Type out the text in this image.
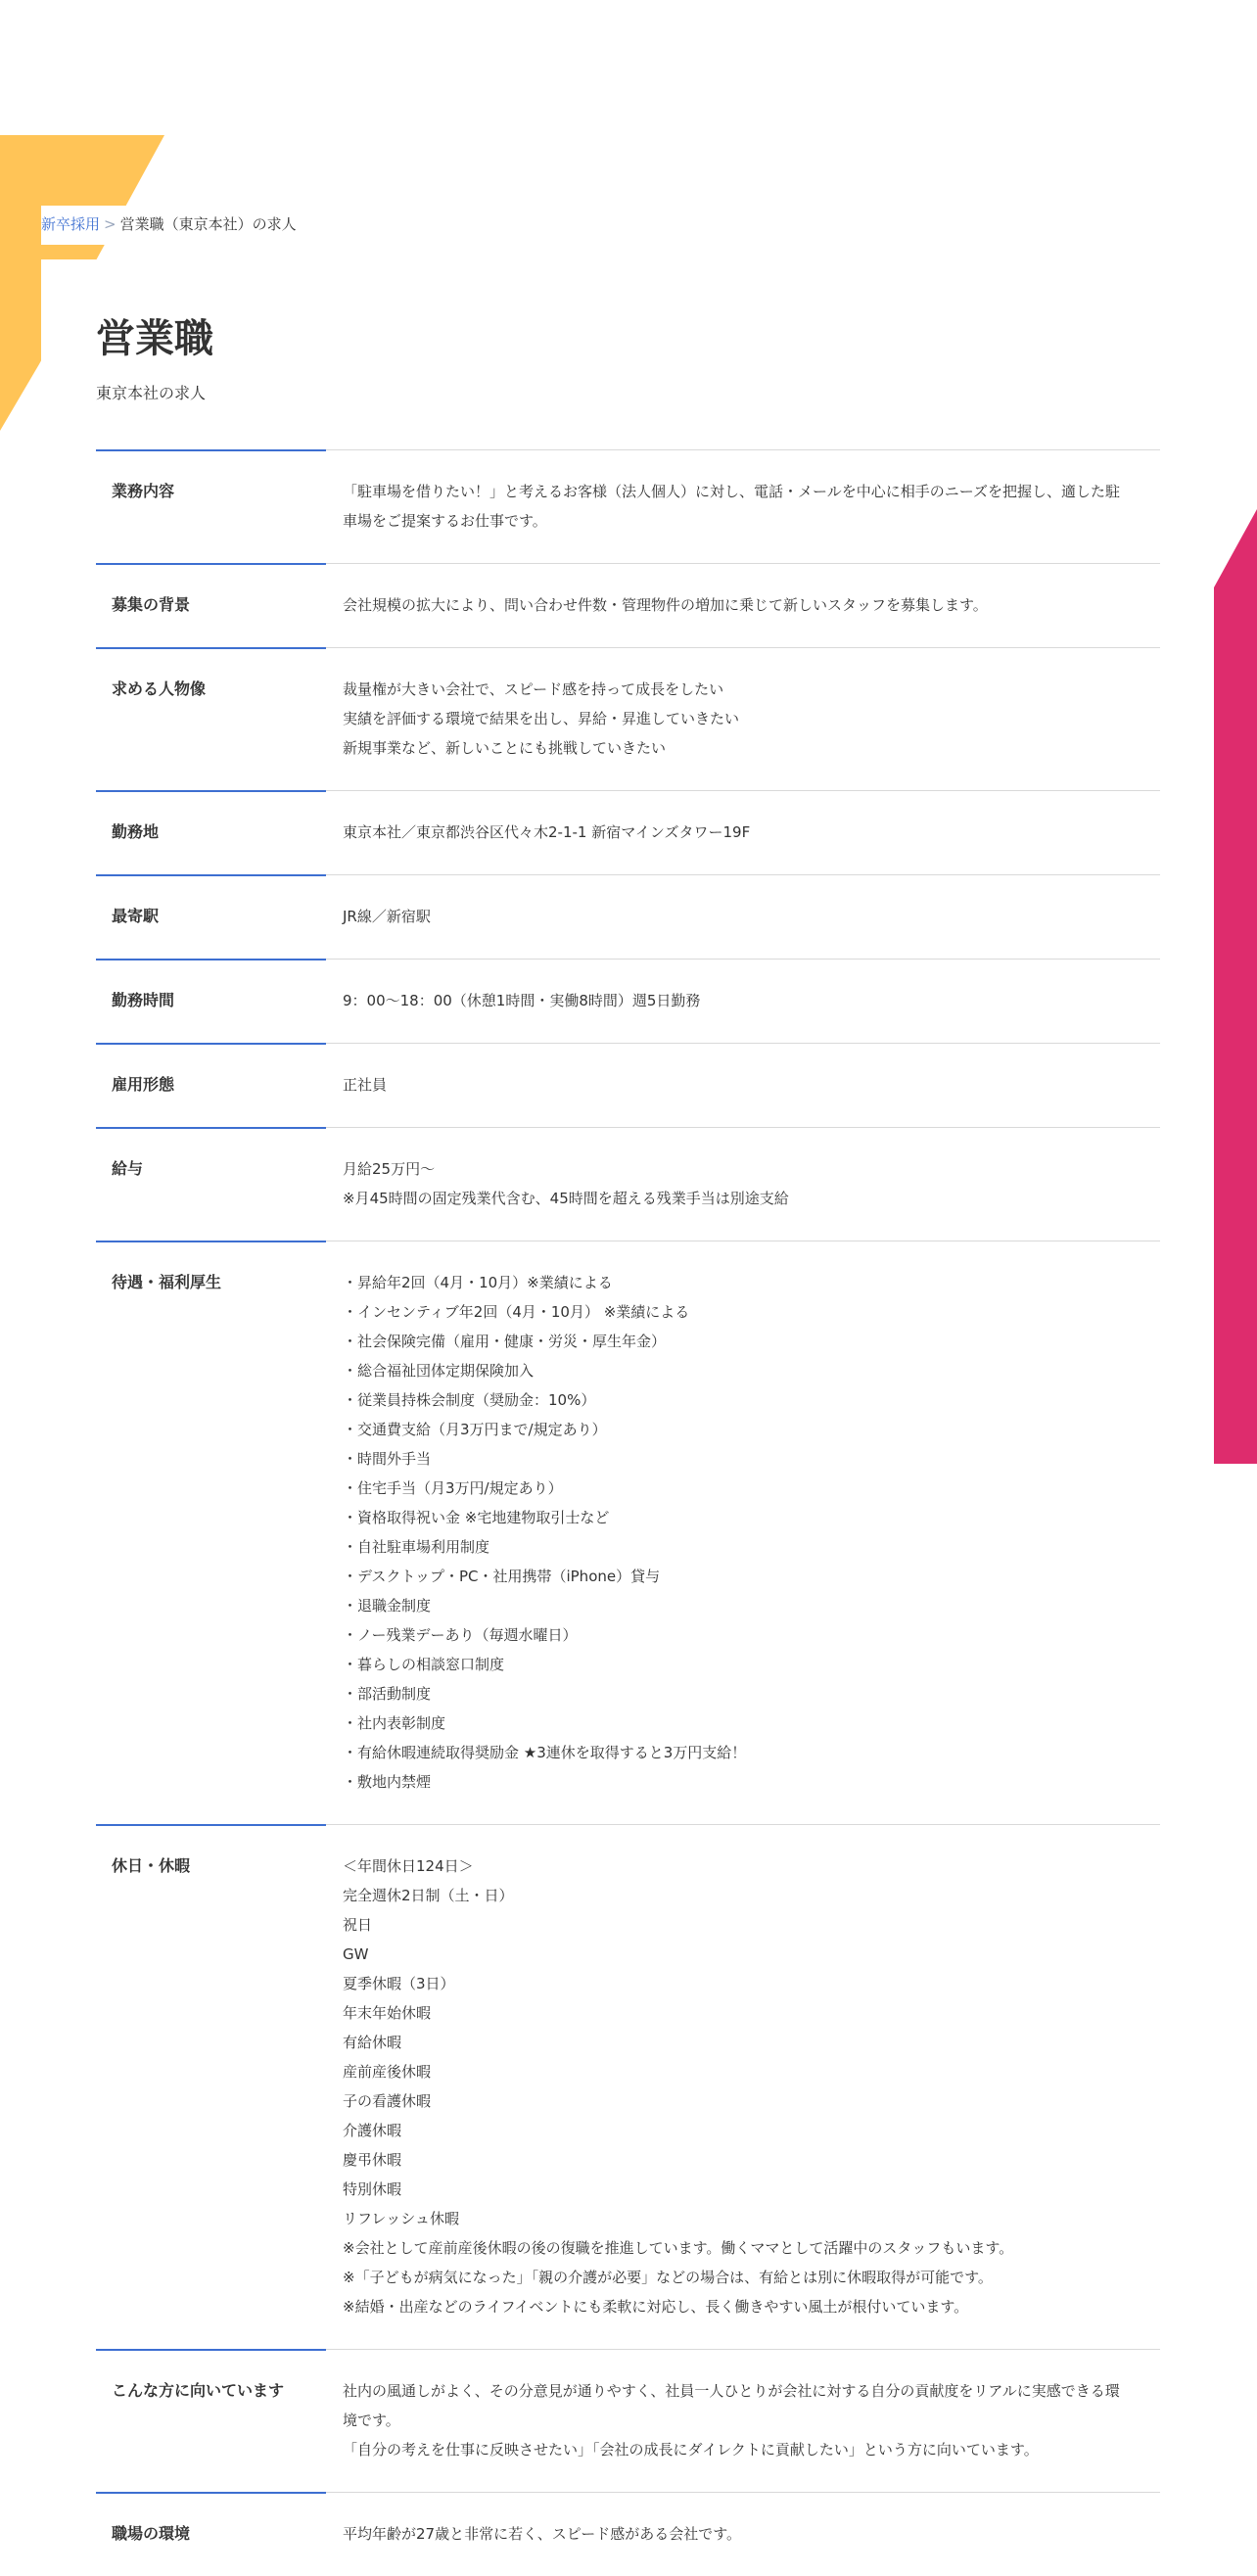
新卒採用 > 営業職（東京本社）の求人
営業職

東京本社の求人

業務内容	「駐車場を借りたい！」と考えるお客様（法人個人）に対し、電話・メールを中心に相手のニーズを把握し、適した駐車場をご提案するお仕事です。
募集の背景	会社規模の拡大により、問い合わせ件数・管理物件の増加に乗じて新しいスタッフを募集します。
求める人物像	裁量権が大きい会社で、スピード感を持って成長をしたい
実績を評価する環境で結果を出し、昇給・昇進していきたい
新規事業など、新しいことにも挑戦していきたい
勤務地	東京本社／東京都渋谷区代々木2-1-1 新宿マインズタワー19F
最寄駅	JR線／新宿駅
勤務時間	9：00〜18：00（休憩1時間・実働8時間）週5日勤務
雇用形態	正社員
給与	月給25万円〜
※月45時間の固定残業代含む、45時間を超える残業手当は別途支給
待遇・福利厚生	・昇給年2回（4月・10月）※業績による
・インセンティブ年2回（4月・10月） ※業績による
・社会保険完備（雇用・健康・労災・厚生年金）
・総合福祉団体定期保険加入
・従業員持株会制度（奨励金：10%）
・交通費支給（月3万円まで/規定あり）
・時間外手当
・住宅手当（月3万円/規定あり）
・資格取得祝い金 ※宅地建物取引士など
・自社駐車場利用制度
・デスクトップ・PC・社用携帯（iPhone）貸与
・退職金制度
・ノー残業デーあり（毎週水曜日）
・暮らしの相談窓口制度
・部活動制度
・社内表彰制度
・有給休暇連続取得奨励金 ★3連休を取得すると3万円支給！
・敷地内禁煙
休日・休暇	＜年間休日124日＞
完全週休2日制（土・日）
祝日
GW
夏季休暇（3日）
年末年始休暇
有給休暇
産前産後休暇
子の看護休暇
介護休暇
慶弔休暇
特別休暇
リフレッシュ休暇
※会社として産前産後休暇の後の復職を推進しています。働くママとして活躍中のスタッフもいます。
※「子どもが病気になった」「親の介護が必要」などの場合は、有給とは別に休暇取得が可能です。
※結婚・出産などのライフイベントにも柔軟に対応し、長く働きやすい風土が根付いています。
こんな方に向いています	社内の風通しがよく、その分意見が通りやすく、社員一人ひとりが会社に対する自分の貢献度をリアルに実感できる環境です。
「自分の考えを仕事に反映させたい」「会社の成長にダイレクトに貢献したい」という方に向いています。
職場の環境	平均年齢が27歳と非常に若く、スピード感がある会社です。
